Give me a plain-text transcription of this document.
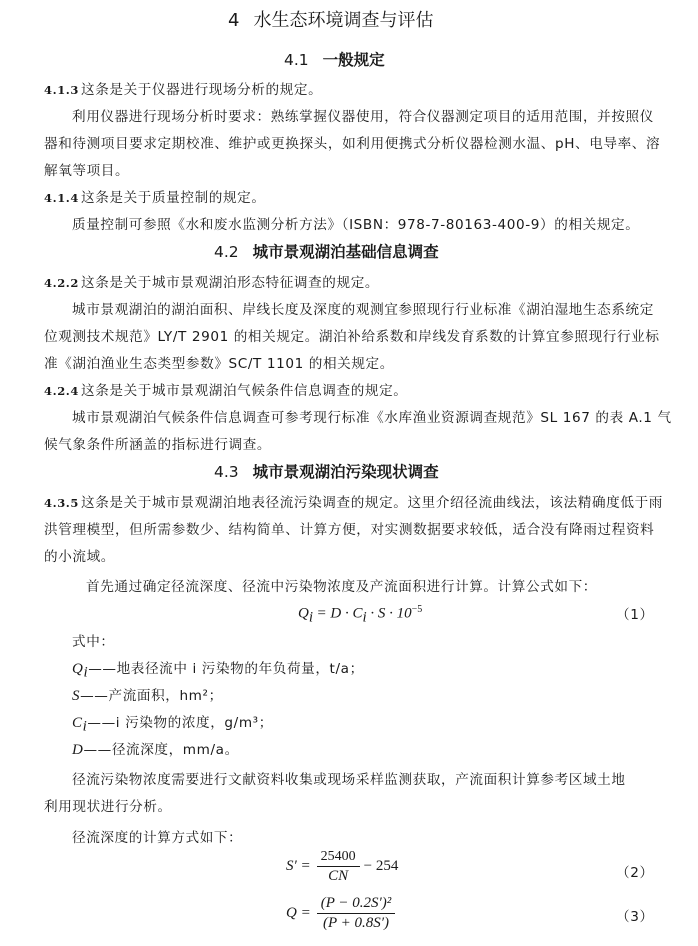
4 水生态环境调查与评估
4.1 一般规定
4.1.3 这条是关于仪器进行现场分析的规定。
利用仪器进行现场分析时要求：熟练掌握仪器使用，符合仪器测定项目的适用范围，并按照仪
器和待测项目要求定期校准、维护或更换探头，如利用便携式分析仪器检测水温、pH、电导率、溶
解氧等项目。
4.1.4 这条是关于质量控制的规定。
质量控制可参照《水和废水监测分析方法》（ISBN：978-7-80163-400-9）的相关规定。
4.2 城市景观湖泊基础信息调查
4.2.2 这条是关于城市景观湖泊形态特征调查的规定。
城市景观湖泊的湖泊面积、岸线长度及深度的观测宜参照现行行业标准《湖泊湿地生态系统定
位观测技术规范》LY/T 2901 的相关规定。湖泊补给系数和岸线发育系数的计算宜参照现行行业标
准《湖泊渔业生态类型参数》SC/T 1101 的相关规定。
4.2.4 这条是关于城市景观湖泊气候条件信息调查的规定。
城市景观湖泊气候条件信息调查可参考现行标准《水库渔业资源调查规范》SL 167 的表 A.1 气
候气象条件所涵盖的指标进行调查。
4.3 城市景观湖泊污染现状调查
4.3.5 这条是关于城市景观湖泊地表径流污染调查的规定。这里介绍径流曲线法，该法精确度低于雨
洪管理模型，但所需参数少、结构简单、计算方便，对实测数据要求较低，适合没有降雨过程资料
的小流域。
首先通过确定径流深度、径流中污染物浓度及产流面积进行计算。计算公式如下：
$Q_i = D \cdot C_i \cdot S \cdot 10^{-5}$	（1）
式中：
$Q_i——$地表径流中 i 污染物的年负荷量，t/a；
S——产流面积，hm²；
$C_i——i$ 污染物的浓度，g/m³；
D——径流深度，mm/a。
径流污染物浓度需要进行文献资料收集或现场采样监测获取，产流面积计算参考区域土地
利用现状进行分析。
径流深度的计算方式如下：
$S' = \frac{25400}{CN} - 254$	（2）
$Q = \frac{\text{(P − 0.2S′)²}}{(P + 0.8S')}$	（3）
